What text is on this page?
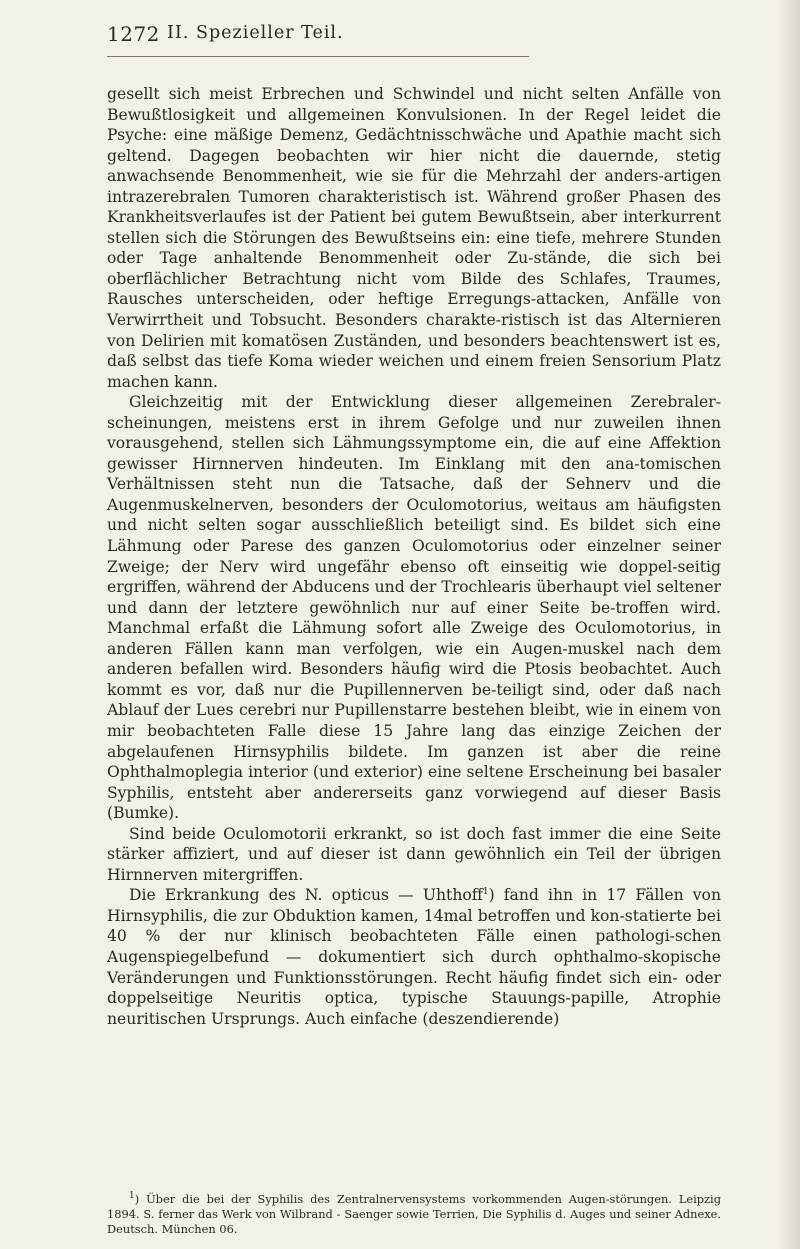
1272 II. Spezieller Teil.

gesellt sich meist Erbrechen und Schwindel und nicht selten Anfälle von Bewußtlosigkeit und allgemeinen Konvulsionen. In der Regel leidet die Psyche: eine mäßige Demenz, Gedächtnisschwäche und Apathie macht sich geltend. Dagegen beobachten wir hier nicht die dauernde, stetig anwachsende Benommenheit, wie sie für die Mehrzahl der anders-artigen intrazerebralen Tumoren charakteristisch ist. Während großer Phasen des Krankheitsverlaufes ist der Patient bei gutem Bewußtsein, aber interkurrent stellen sich die Störungen des Bewußtseins ein: eine tiefe, mehrere Stunden oder Tage anhaltende Benommenheit oder Zu-stände, die sich bei oberflächlicher Betrachtung nicht vom Bilde des Schlafes, Traumes, Rausches unterscheiden, oder heftige Erregungs-attacken, Anfälle von Verwirrtheit und Tobsucht. Besonders charakte-ristisch ist das Alternieren von Delirien mit komatösen Zuständen, und besonders beachtenswert ist es, daß selbst das tiefe Koma wieder weichen und einem freien Sensorium Platz machen kann.

Gleichzeitig mit der Entwicklung dieser allgemeinen Zerebraler-scheinungen, meistens erst in ihrem Gefolge und nur zuweilen ihnen vorausgehend, stellen sich Lähmungssymptome ein, die auf eine Affektion gewisser Hirnnerven hindeuten. Im Einklang mit den ana-tomischen Verhältnissen steht nun die Tatsache, daß der Sehnerv und die Augenmuskelnerven, besonders der Oculomotorius, weitaus am häufigsten und nicht selten sogar ausschließlich beteiligt sind. Es bildet sich eine Lähmung oder Parese des ganzen Oculomotorius oder einzelner seiner Zweige; der Nerv wird ungefähr ebenso oft einseitig wie doppel-seitig ergriffen, während der Abducens und der Trochlearis überhaupt viel seltener und dann der letztere gewöhnlich nur auf einer Seite be-troffen wird. Manchmal erfaßt die Lähmung sofort alle Zweige des Oculomotorius, in anderen Fällen kann man verfolgen, wie ein Augen-muskel nach dem anderen befallen wird. Besonders häufig wird die Ptosis beobachtet. Auch kommt es vor, daß nur die Pupillennerven be-teiligt sind, oder daß nach Ablauf der Lues cerebri nur Pupillenstarre bestehen bleibt, wie in einem von mir beobachteten Falle diese 15 Jahre lang das einzige Zeichen der abgelaufenen Hirnsyphilis bildete. Im ganzen ist aber die reine Ophthalmoplegia interior (und exterior) eine seltene Erscheinung bei basaler Syphilis, entsteht aber andererseits ganz vorwiegend auf dieser Basis (Bumke).

Sind beide Oculomotorii erkrankt, so ist doch fast immer die eine Seite stärker affiziert, und auf dieser ist dann gewöhnlich ein Teil der übrigen Hirnnerven mitergriffen.

Die Erkrankung des N. opticus — Uhthoff$^1$) fand ihn in 17 Fällen von Hirnsyphilis, die zur Obduktion kamen, 14mal betroffen und kon-statierte bei 40 % der nur klinisch beobachteten Fälle einen pathologi-schen Augenspiegelbefund — dokumentiert sich durch ophthalmo-skopische Veränderungen und Funktionsstörungen. Recht häufig findet sich ein- oder doppelseitige Neuritis optica, typische Stauungs-papille, Atrophie neuritischen Ursprungs. Auch einfache (deszendierende)

$^1$) Über die bei der Syphilis des Zentralnervensystems vorkommenden Augen-störungen. Leipzig 1894. S. ferner das Werk von Wilbrand - Saenger sowie Terrien, Die Syphilis d. Auges und seiner Adnexe. Deutsch. München 06.
